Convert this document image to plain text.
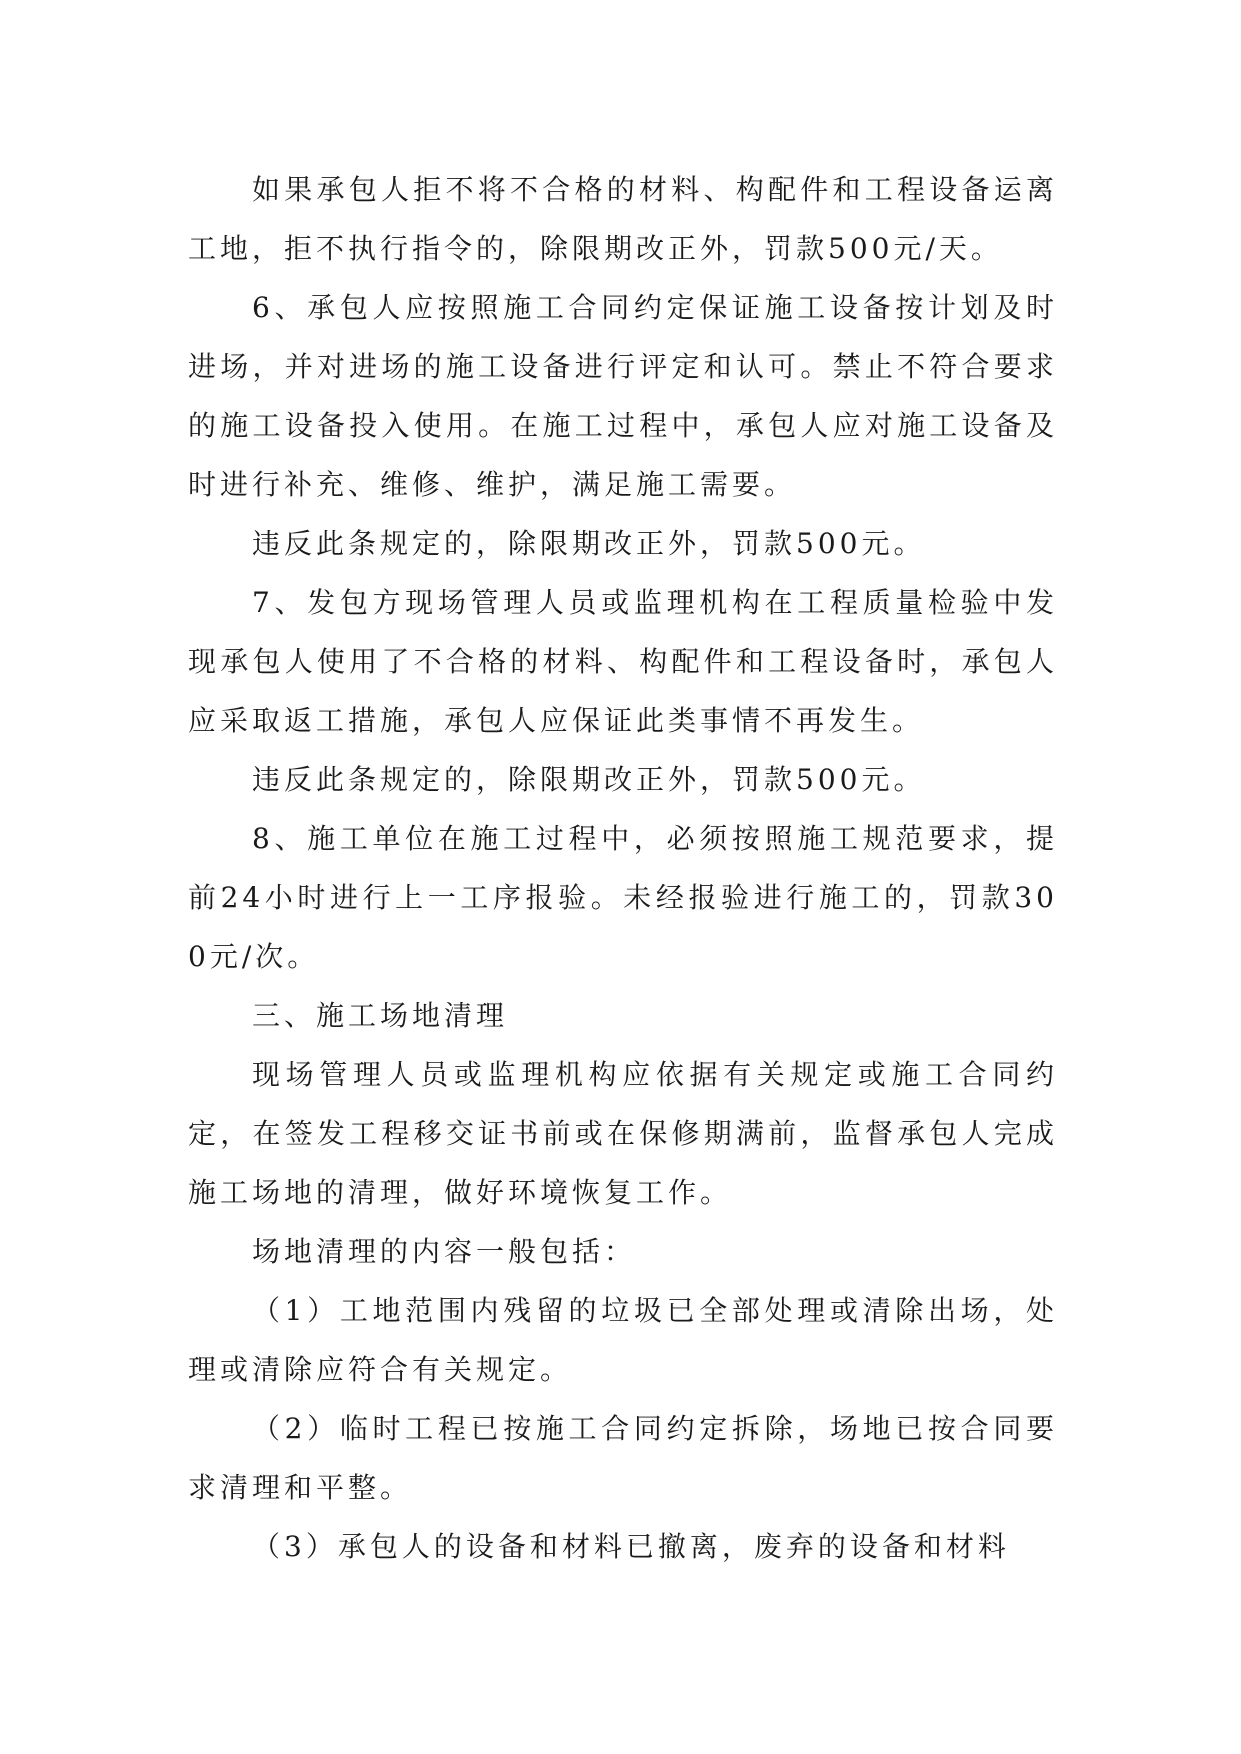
如果承包人拒不将不合格的材料、构配件和工程设备运离工地，拒不执行指令的，除限期改正外，罚款500元/天。

6、承包人应按照施工合同约定保证施工设备按计划及时进场，并对进场的施工设备进行评定和认可。禁止不符合要求的施工设备投入使用。在施工过程中，承包人应对施工设备及时进行补充、维修、维护，满足施工需要。

违反此条规定的，除限期改正外，罚款500元。

7、发包方现场管理人员或监理机构在工程质量检验中发现承包人使用了不合格的材料、构配件和工程设备时，承包人应采取返工措施，承包人应保证此类事情不再发生。

违反此条规定的，除限期改正外，罚款500元。

8、施工单位在施工过程中，必须按照施工规范要求，提前24小时进行上一工序报验。未经报验进行施工的，罚款300元/次。

三、施工场地清理

现场管理人员或监理机构应依据有关规定或施工合同约定，在签发工程移交证书前或在保修期满前，监督承包人完成施工场地的清理，做好环境恢复工作。

场地清理的内容一般包括：

（1）工地范围内残留的垃圾已全部处理或清除出场，处理或清除应符合有关规定。

（2）临时工程已按施工合同约定拆除，场地已按合同要求清理和平整。

（3）承包人的设备和材料已撤离，废弃的设备和材料
